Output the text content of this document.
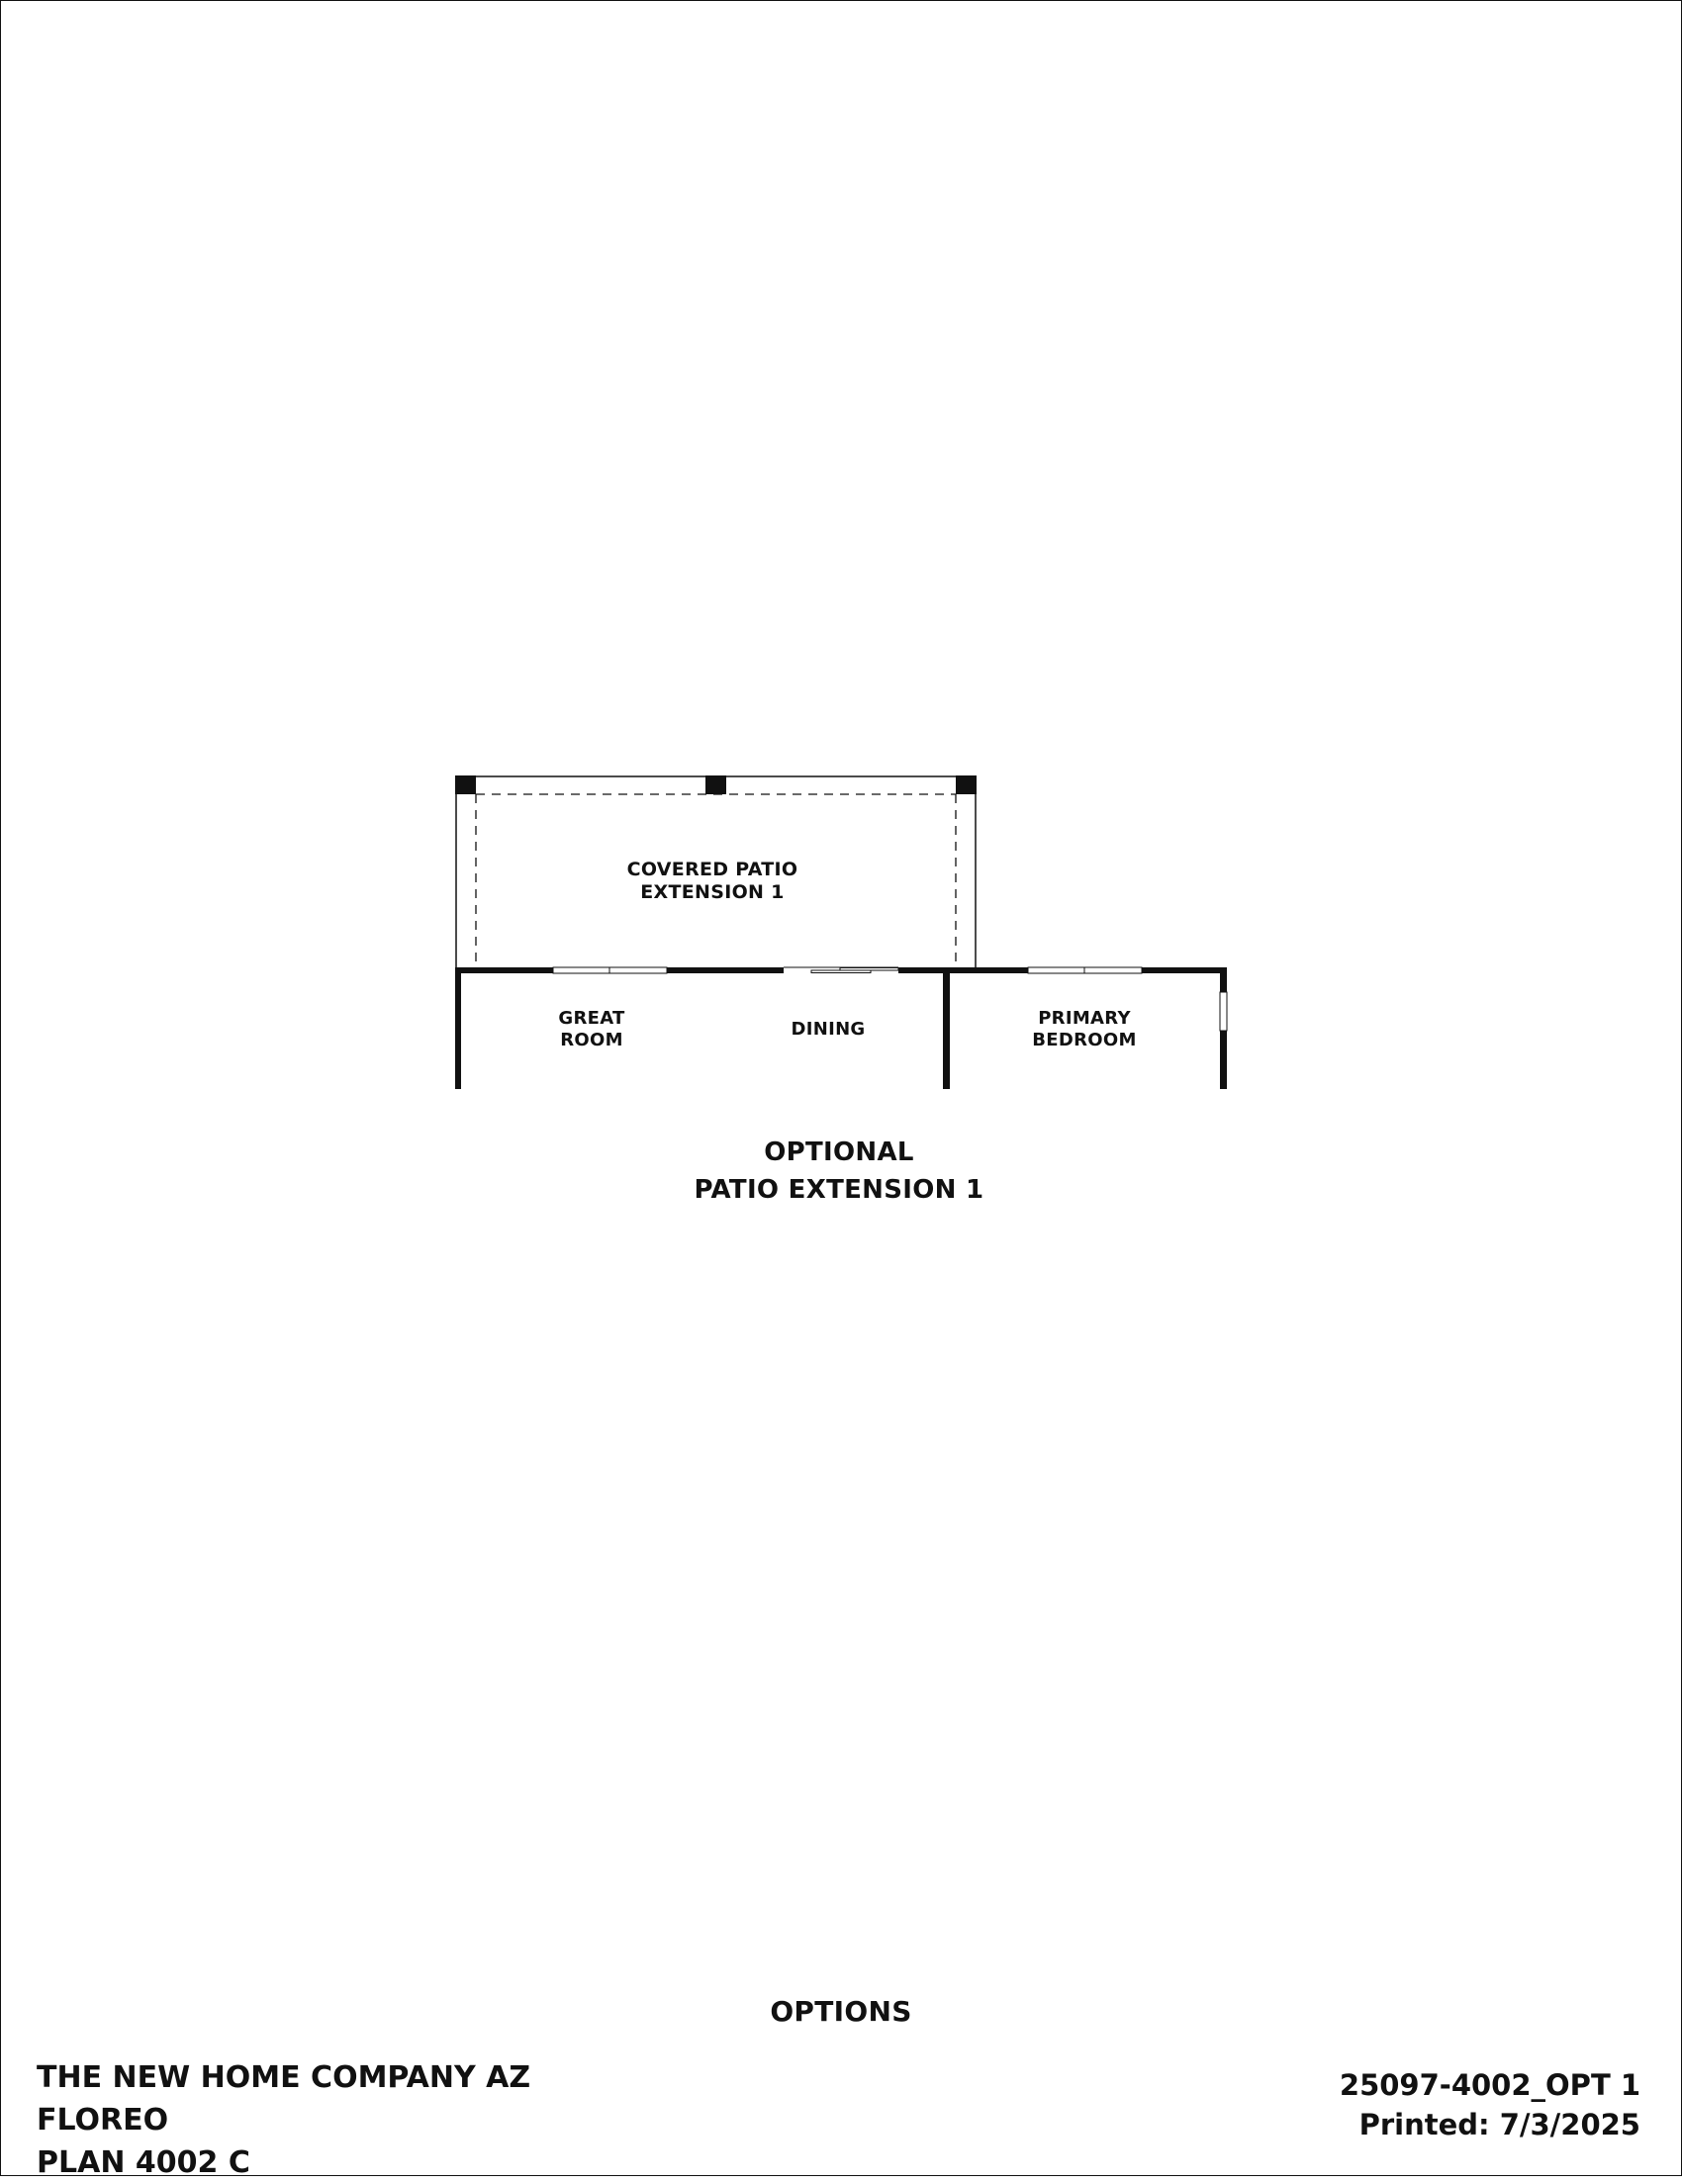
COVERED PATIO
EXTENSION 1
GREAT
ROOM
DINING
PRIMARY
BEDROOM
OPTIONAL
PATIO EXTENSION 1
OPTIONS
THE NEW HOME COMPANY AZ
FLOREO
PLAN 4002 C
25097-4002_OPT 1
Printed: 7/3/2025
